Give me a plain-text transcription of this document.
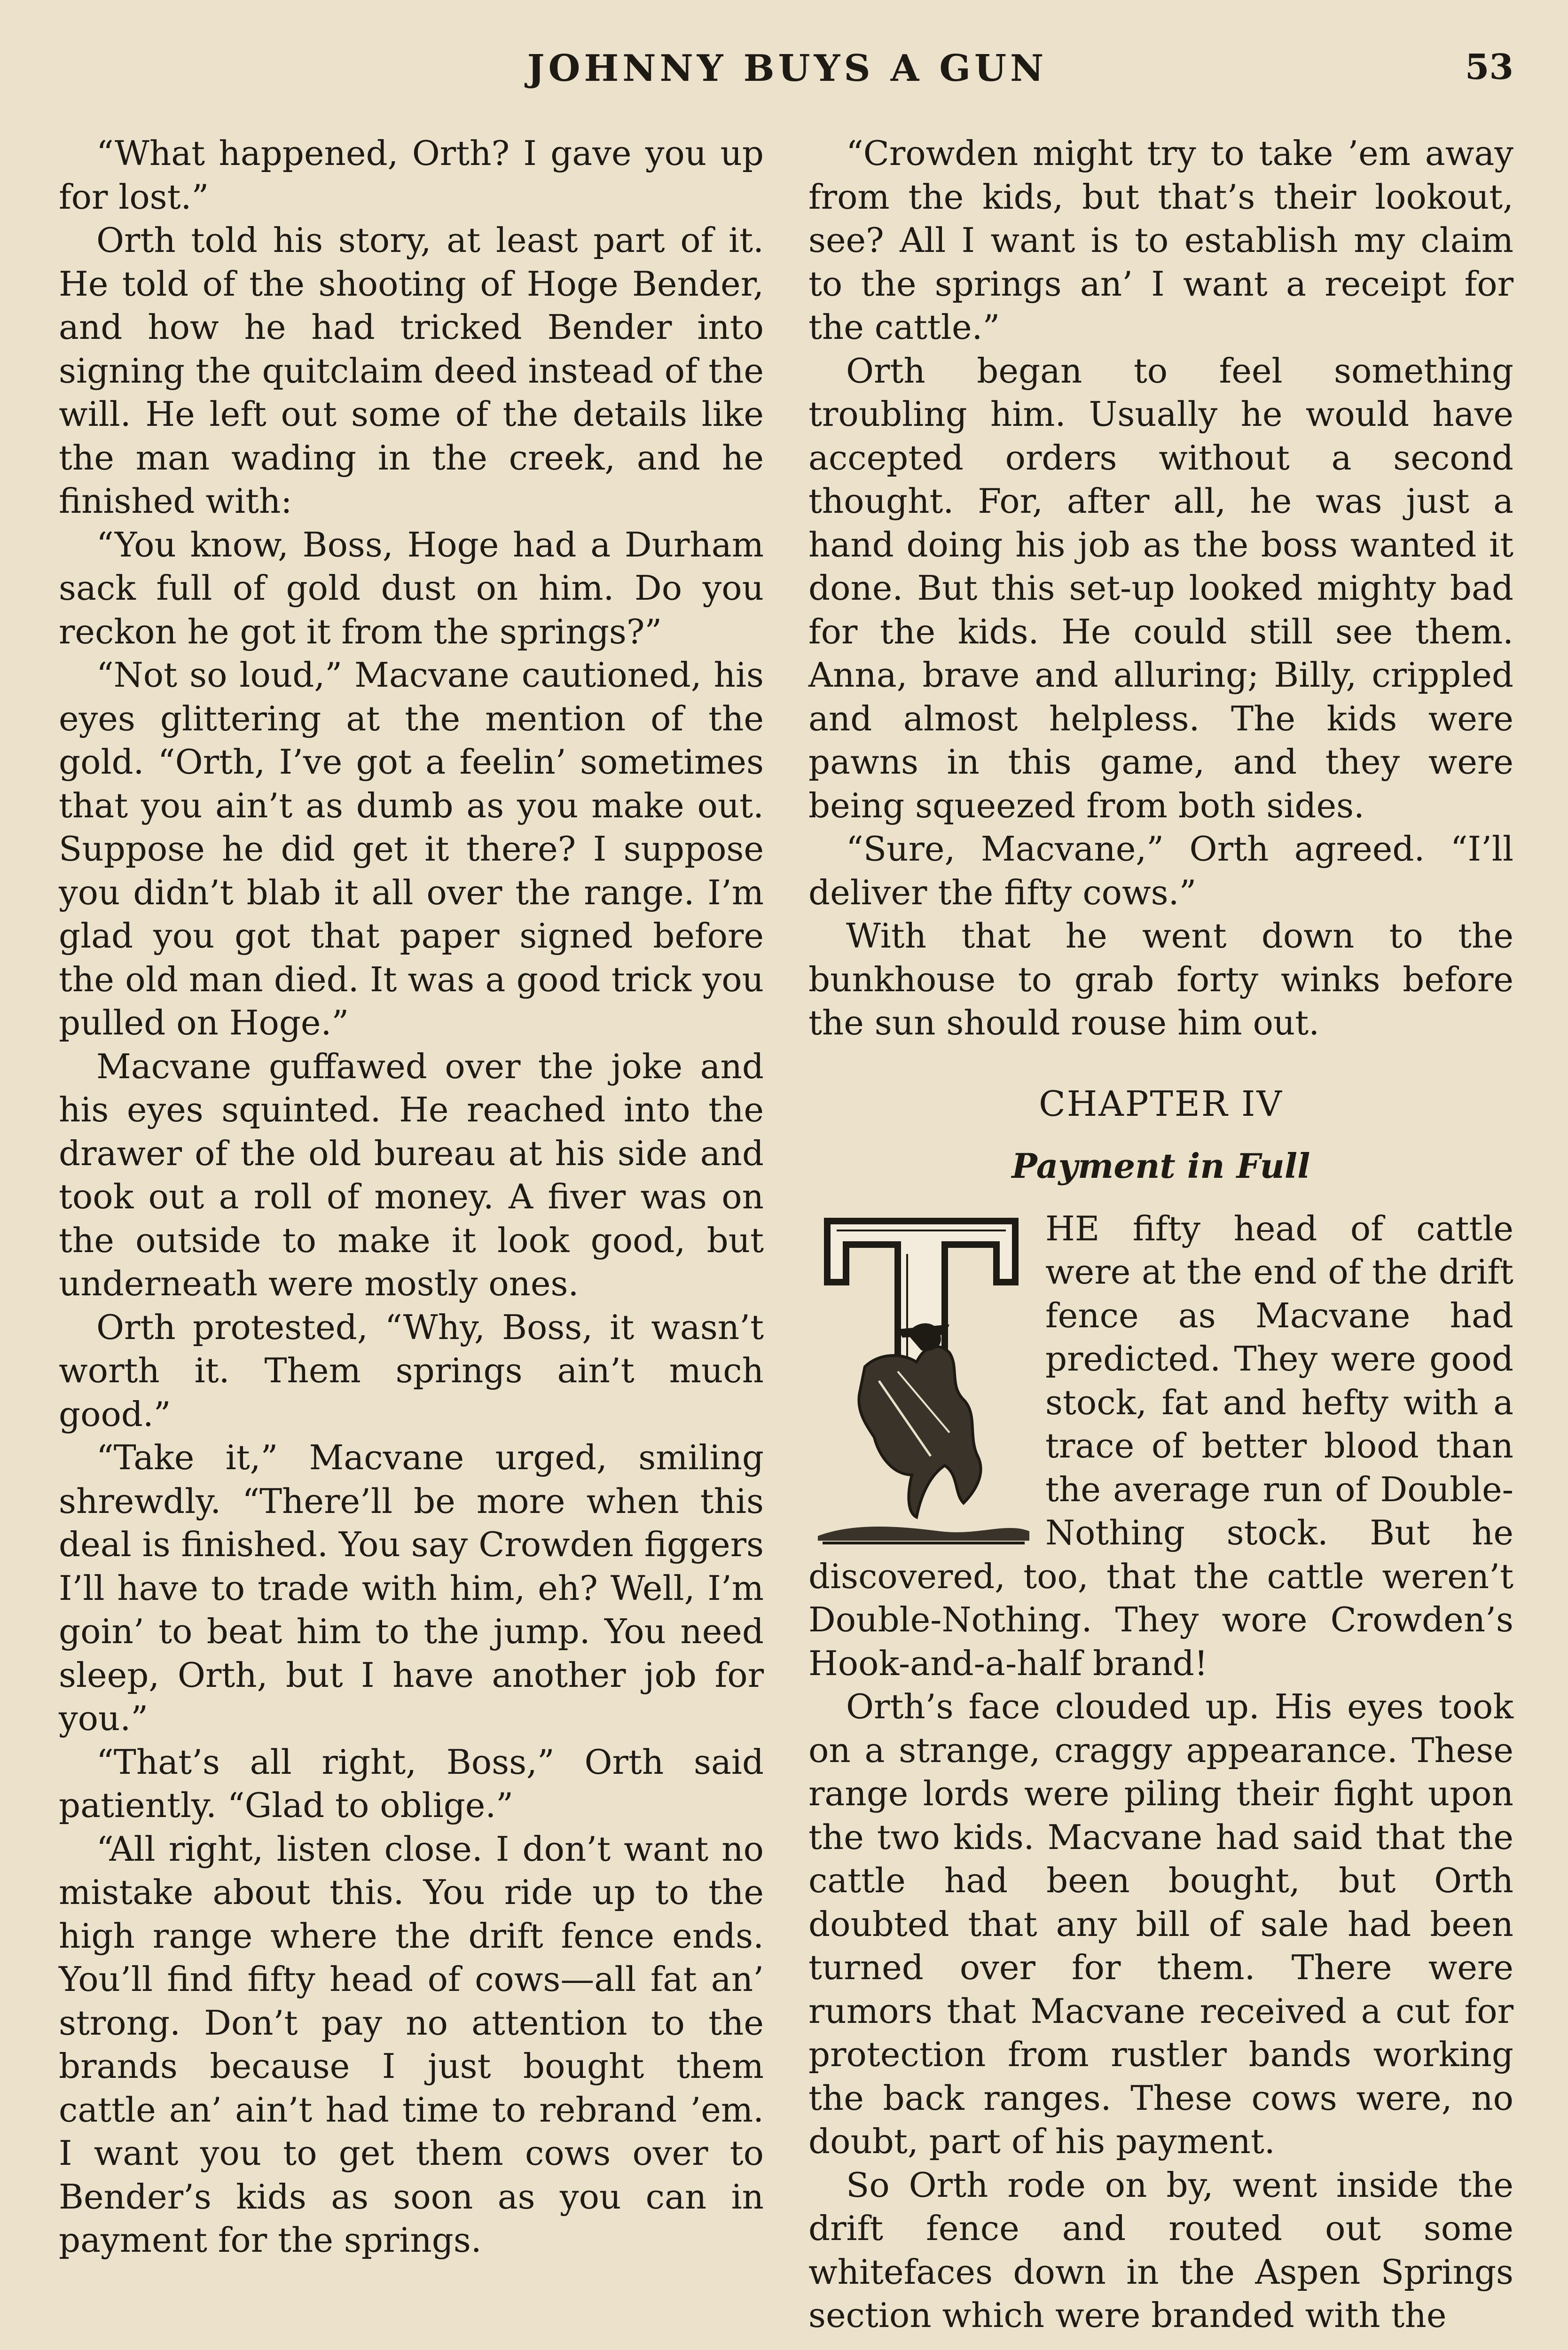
JOHNNY BUYS A GUN	53

“What happened, Orth? I gave you up for lost.”

Orth told his story, at least part of it. He told of the shooting of Hoge Bender, and how he had tricked Bender into signing the quitclaim deed instead of the will. He left out some of the details like the man wading in the creek, and he finished with:

“You know, Boss, Hoge had a Durham sack full of gold dust on him. Do you reckon he got it from the springs?”

“Not so loud,” Macvane cautioned, his eyes glittering at the mention of the gold. “Orth, I’ve got a feelin’ sometimes that you ain’t as dumb as you make out. Suppose he did get it there? I suppose you didn’t blab it all over the range. I’m glad you got that paper signed before the old man died. It was a good trick you pulled on Hoge.”

Macvane guffawed over the joke and his eyes squinted. He reached into the drawer of the old bureau at his side and took out a roll of money. A fiver was on the outside to make it look good, but underneath were mostly ones.

Orth protested, “Why, Boss, it wasn’t worth it. Them springs ain’t much good.”

“Take it,” Macvane urged, smiling shrewdly. “There’ll be more when this deal is finished. You say Crowden figgers I’ll have to trade with him, eh? Well, I’m goin’ to beat him to the jump. You need sleep, Orth, but I have another job for you.”

“That’s all right, Boss,” Orth said patiently. “Glad to oblige.”

“All right, listen close. I don’t want no mistake about this. You ride up to the high range where the drift fence ends. You’ll find fifty head of cows—all fat an’ strong. Don’t pay no attention to the brands because I just bought them cattle an’ ain’t had time to rebrand ’em. I want you to get them cows over to Bender’s kids as soon as you can in payment for the springs.

“Crowden might try to take ’em away from the kids, but that’s their lookout, see? All I want is to establish my claim to the springs an’ I want a receipt for the cattle.”

Orth began to feel something troubling him. Usually he would have accepted orders without a second thought. For, after all, he was just a hand doing his job as the boss wanted it done. But this set-up looked mighty bad for the kids. He could still see them. Anna, brave and alluring; Billy, crippled and almost helpless. The kids were pawns in this game, and they were being squeezed from both sides.

“Sure, Macvane,” Orth agreed. “I’ll deliver the fifty cows.”

With that he went down to the bunkhouse to grab forty winks before the sun should rouse him out.

CHAPTER IV
Payment in Full

HE fifty head of cattle were at the end of the drift fence as Macvane had predicted. They were good stock, fat and hefty with a trace of better blood than the average run of Double-Nothing stock. But he discovered, too, that the cattle weren’t Double-Nothing. They wore Crowden’s Hook-and-a-half brand!

Orth’s face clouded up. His eyes took on a strange, craggy appearance. These range lords were piling their fight upon the two kids. Macvane had said that the cattle had been bought, but Orth doubted that any bill of sale had been turned over for them. There were rumors that Macvane received a cut for protection from rustler bands working the back ranges. These cows were, no doubt, part of his payment.

So Orth rode on by, went inside the drift fence and routed out some whitefaces down in the Aspen Springs section which were branded with the
